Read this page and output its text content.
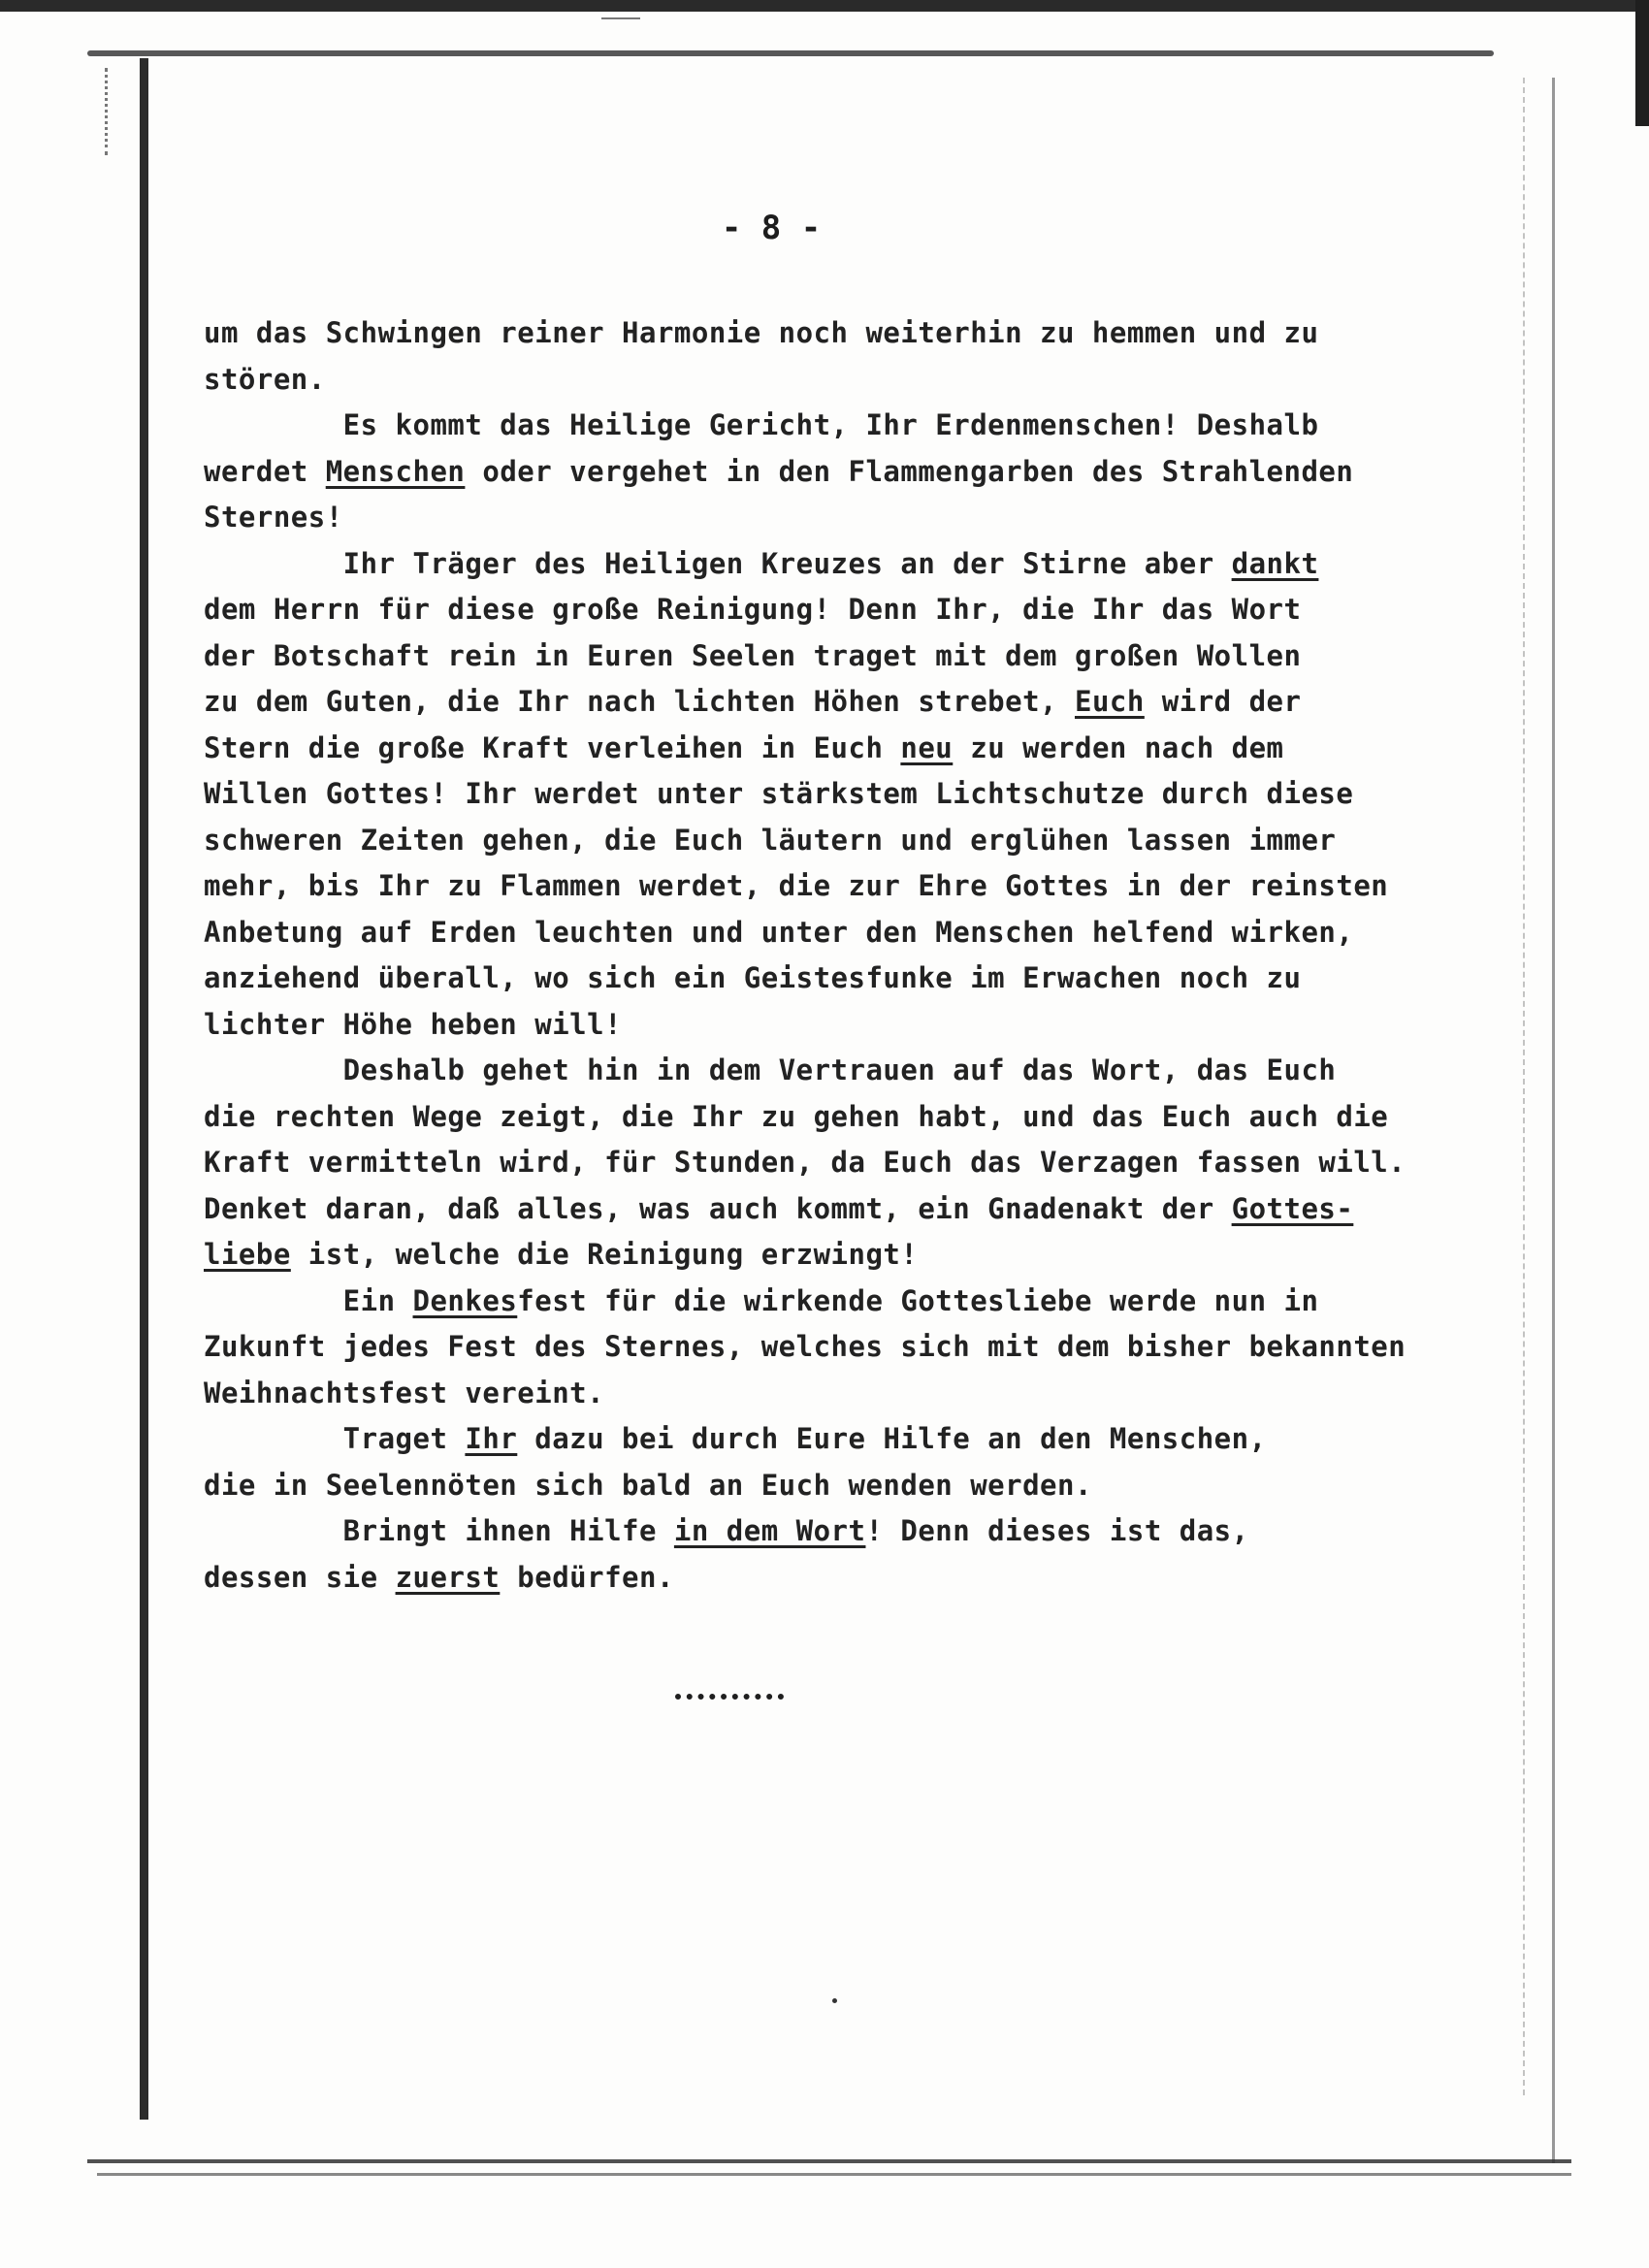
- 8 -
um das Schwingen reiner Harmonie noch weiterhin zu hemmen und zu
stören.
Es kommt das Heilige Gericht, Ihr Erdenmenschen! Deshalb
werdet Menschen oder vergehet in den Flammengarben des Strahlenden
Sternes!
Ihr Träger des Heiligen Kreuzes an der Stirne aber dankt
dem Herrn für diese große Reinigung! Denn Ihr, die Ihr das Wort
der Botschaft rein in Euren Seelen traget mit dem großen Wollen
zu dem Guten, die Ihr nach lichten Höhen strebet, Euch wird der
Stern die große Kraft verleihen in Euch neu zu werden nach dem
Willen Gottes! Ihr werdet unter stärkstem Lichtschutze durch diese
schweren Zeiten gehen, die Euch läutern und erglühen lassen immer
mehr, bis Ihr zu Flammen werdet, die zur Ehre Gottes in der reinsten
Anbetung auf Erden leuchten und unter den Menschen helfend wirken,
anziehend überall, wo sich ein Geistesfunke im Erwachen noch zu
lichter Höhe heben will!
Deshalb gehet hin in dem Vertrauen auf das Wort, das Euch
die rechten Wege zeigt, die Ihr zu gehen habt, und das Euch auch die
Kraft vermitteln wird, für Stunden, da Euch das Verzagen fassen will.
Denket daran, daß alles, was auch kommt, ein Gnadenakt der Gottes-
liebe ist, welche die Reinigung erzwingt!
Ein Denkesfest für die wirkende Gottesliebe werde nun in
Zukunft jedes Fest des Sternes, welches sich mit dem bisher bekannten
Weihnachtsfest vereint.
Traget Ihr dazu bei durch Eure Hilfe an den Menschen,
die in Seelennöten sich bald an Euch wenden werden.
Bringt ihnen Hilfe in dem Wort! Denn dieses ist das,
dessen sie zuerst bedürfen.
